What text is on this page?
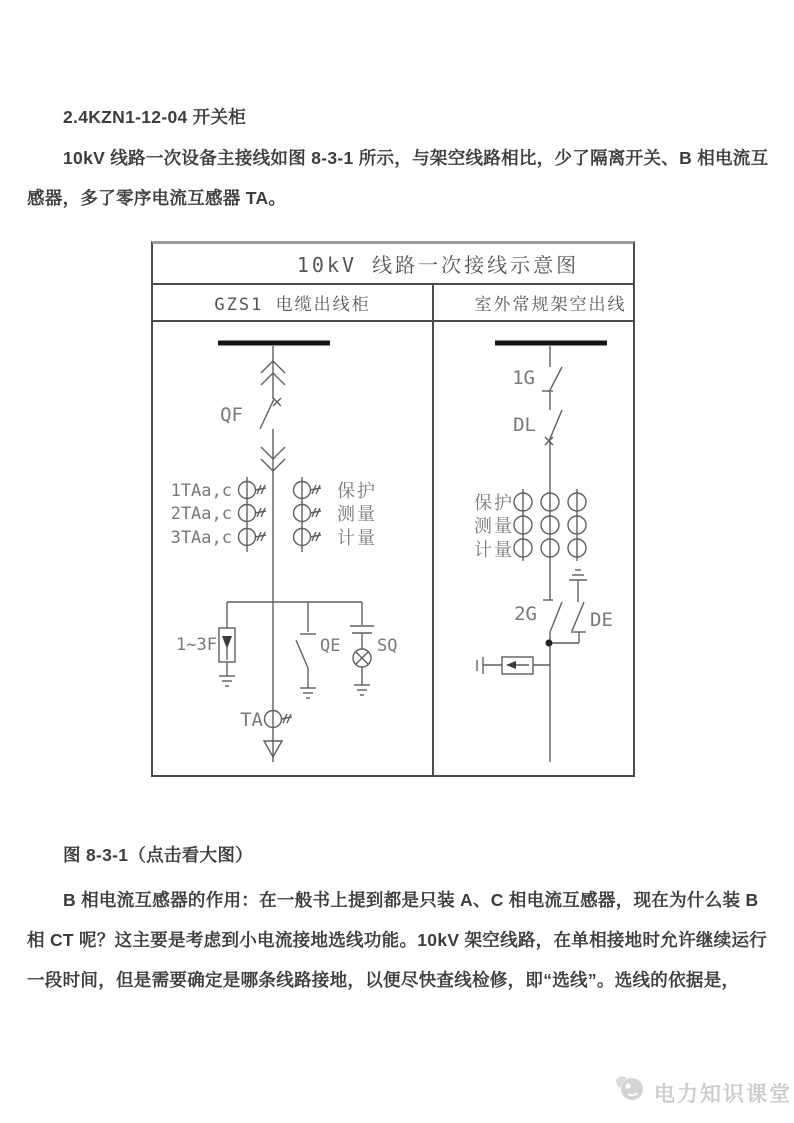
2.4KZN1-12-04 开关柜
10kV 线路一次设备主接线如图 8-3-1 所示，与架空线路相比，少了隔离开关、B 相电流互
感器，多了零序电流互感器 TA。
10kV 线路一次接线示意图
GZS1 电缆出线柜	室外常规架空出线
QF
1TAa,c
2TAa,c
3TAa,c
保护
测量
计量
1~3F	QE SQ
TA
1G
DL
保护
测量
计量
2G	DE
图 8-3-1（点击看大图）
B 相电流互感器的作用：在一般书上提到都是只装 A、C 相电流互感器，现在为什么装 B
相 CT 呢？这主要是考虑到小电流接地选线功能。10kV 架空线路，在单相接地时允许继续运行
一段时间，但是需要确定是哪条线路接地，以便尽快查线检修，即“选线”。选线的依据是，
电力知识课堂
